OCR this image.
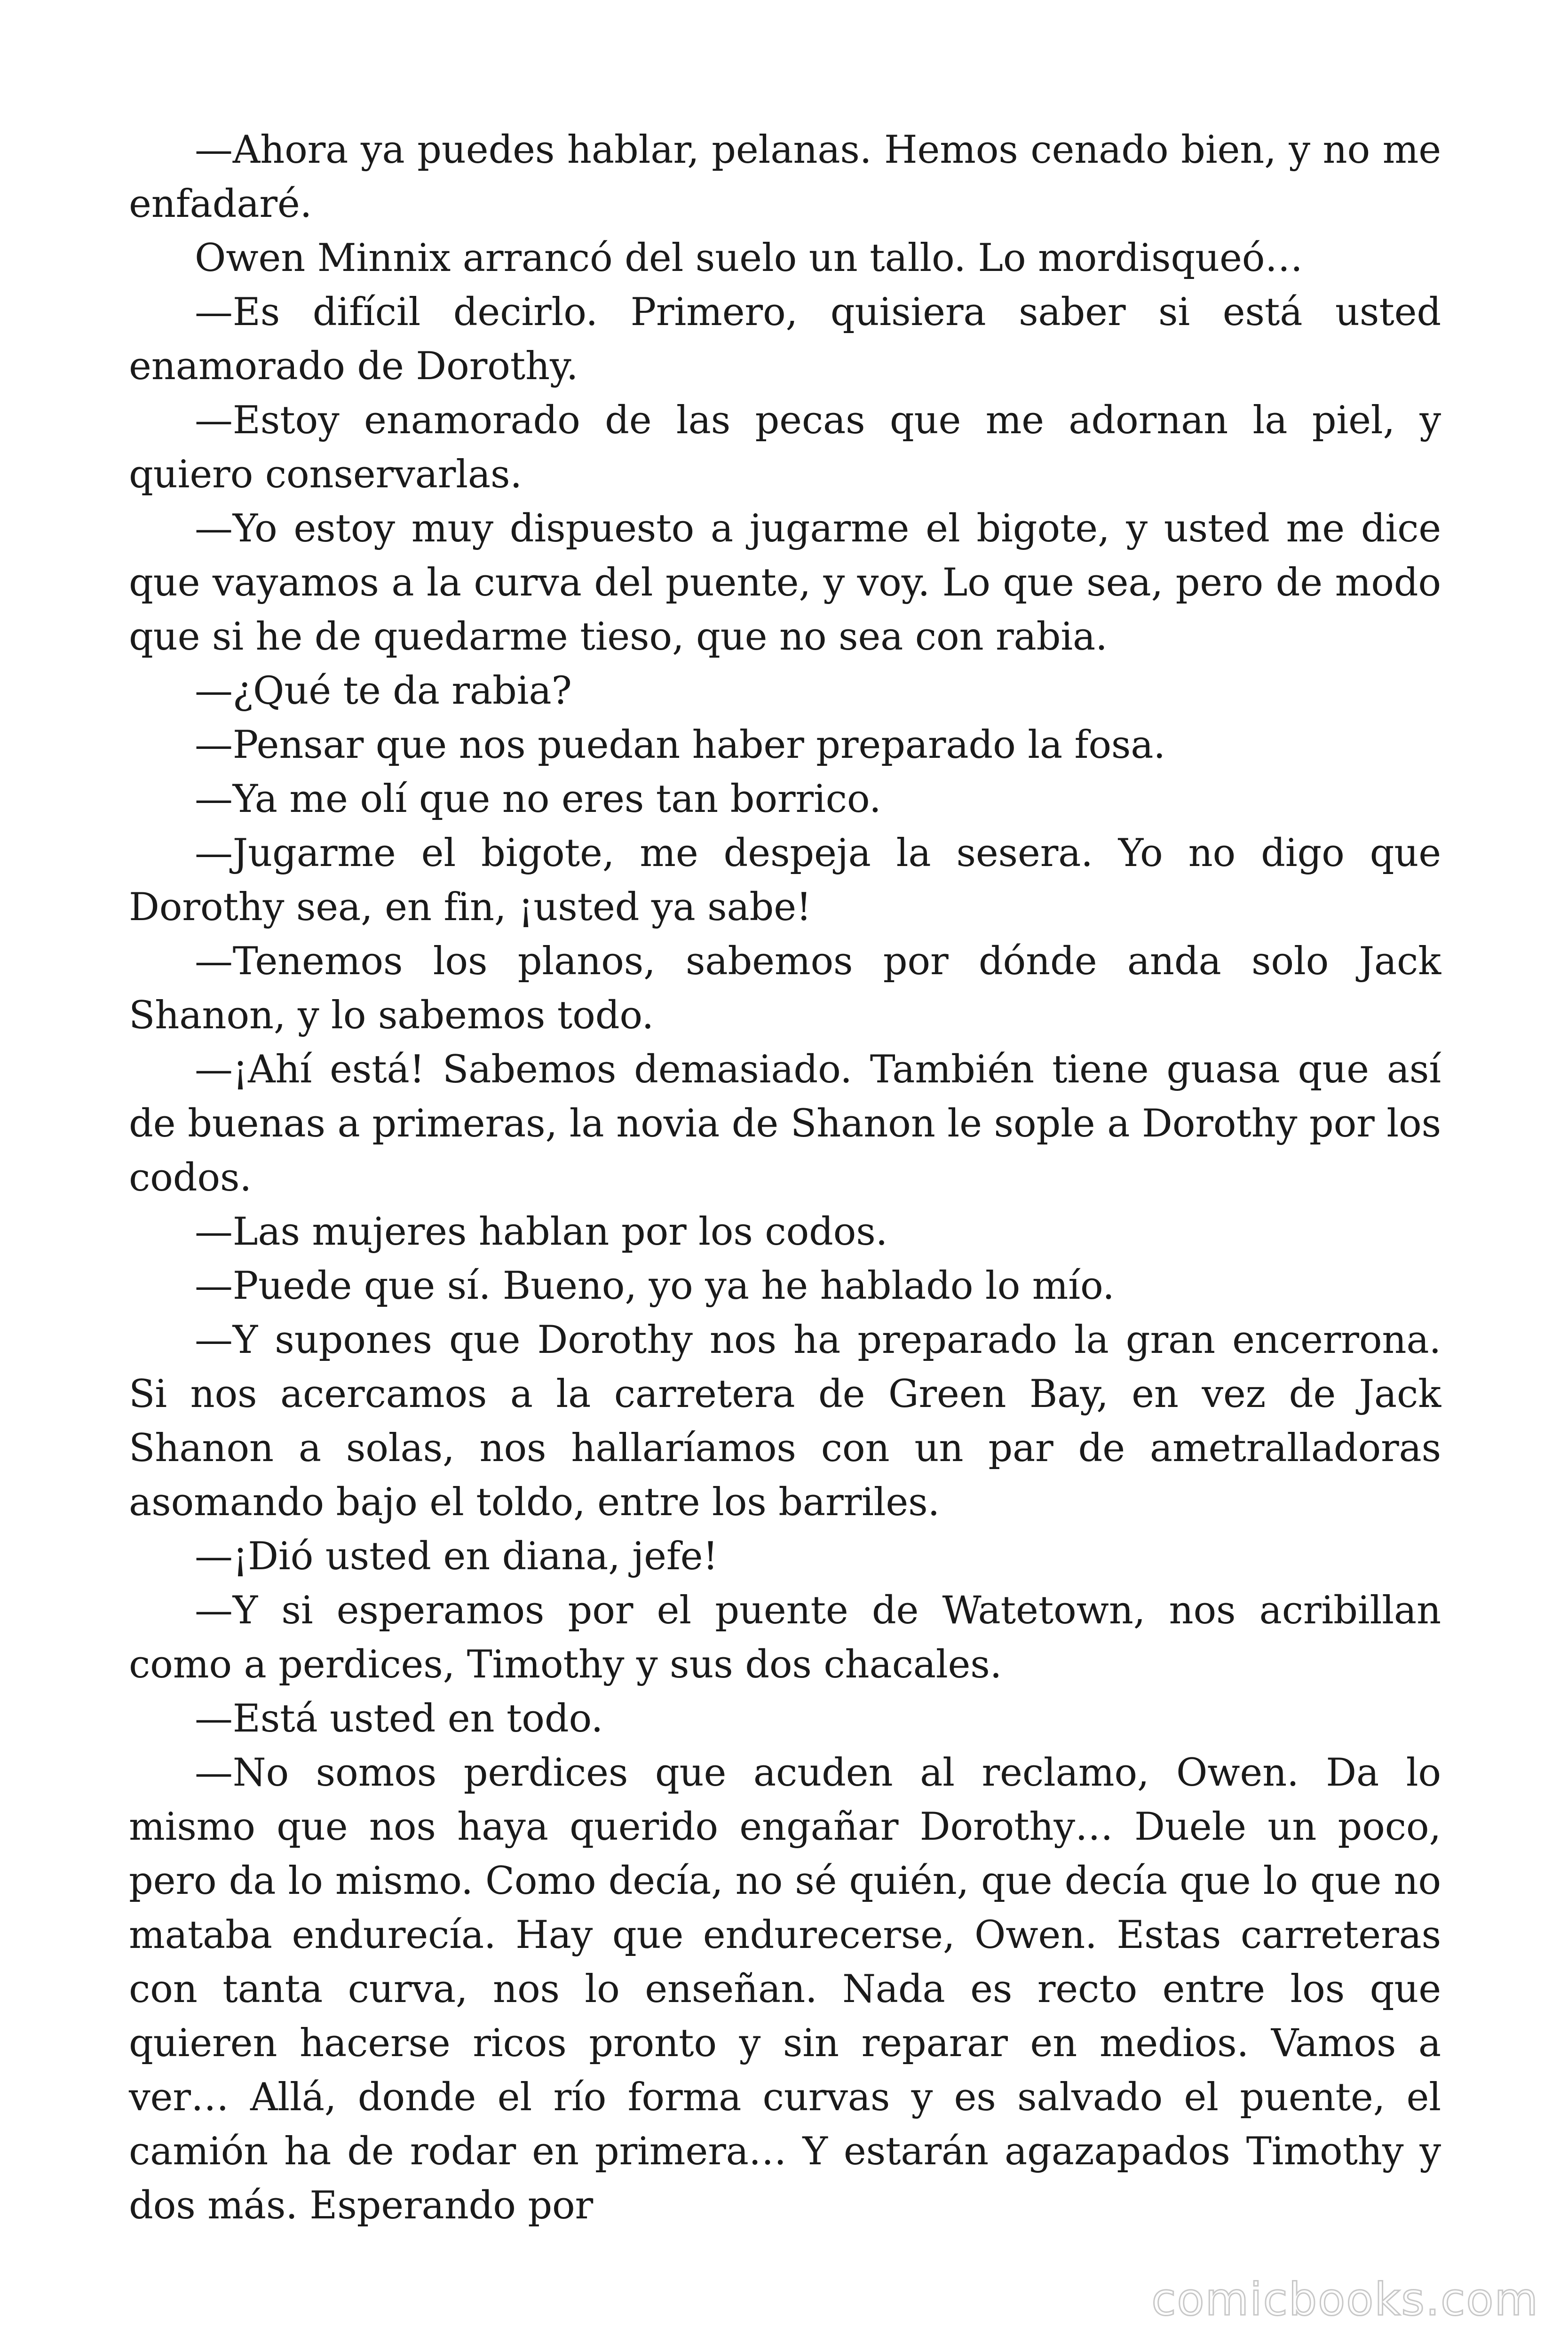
—Ahora ya puedes hablar, pelanas. Hemos cenado bien, y no me enfadaré.

Owen Minnix arrancó del suelo un tallo. Lo mordisqueó…

—Es difícil decirlo. Primero, quisiera saber si está usted enamorado de Dorothy.

—Estoy enamorado de las pecas que me adornan la piel, y quiero conservarlas.

—Yo estoy muy dispuesto a jugarme el bigote, y usted me dice que vayamos a la curva del puente, y voy. Lo que sea, pero de modo que si he de quedarme tieso, que no sea con rabia.

—¿Qué te da rabia?

—Pensar que nos puedan haber preparado la fosa.

—Ya me olí que no eres tan borrico.

—Jugarme el bigote, me despeja la sesera. Yo no digo que Dorothy sea, en fin, ¡usted ya sabe!

—Tenemos los planos, sabemos por dónde anda solo Jack Shanon, y lo sabemos todo.

—¡Ahí está! Sabemos demasiado. También tiene guasa que así de buenas a primeras, la novia de Shanon le sople a Dorothy por los codos.

—Las mujeres hablan por los codos.

—Puede que sí. Bueno, yo ya he hablado lo mío.

—Y supones que Dorothy nos ha preparado la gran encerrona. Si nos acercamos a la carretera de Green Bay, en vez de Jack Shanon a solas, nos hallaríamos con un par de ametralladoras asomando bajo el toldo, entre los barriles.

—¡Dió usted en diana, jefe!

—Y si esperamos por el puente de Watetown, nos acribillan como a perdices, Timothy y sus dos chacales.

—Está usted en todo.

—No somos perdices que acuden al reclamo, Owen. Da lo mismo que nos haya querido engañar Dorothy… Duele un poco, pero da lo mismo. Como decía, no sé quién, que decía que lo que no mataba endurecía. Hay que endurecerse, Owen. Estas carreteras con tanta curva, nos lo enseñan. Nada es recto entre los que quieren hacerse ricos pronto y sin reparar en medios. Vamos a ver… Allá, donde el río forma curvas y es salvado el puente, el camión ha de rodar en primera… Y estarán agazapados Timothy y dos más. Esperando por

comicbooks.com
